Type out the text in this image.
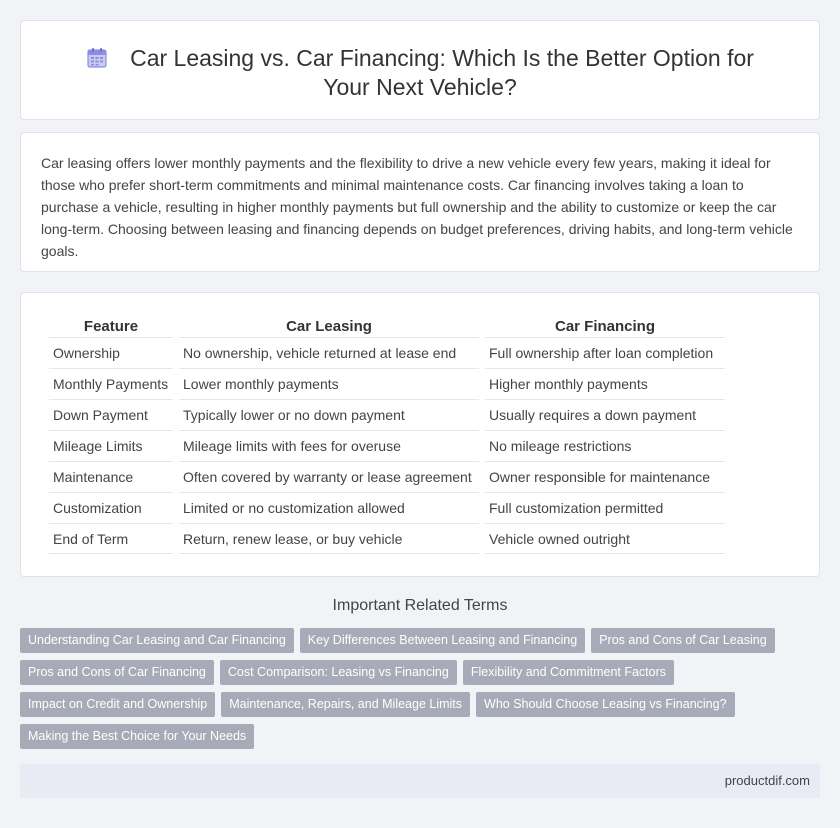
Car Leasing vs. Car Financing: Which Is the Better Option for Your Next Vehicle?

Car leasing offers lower monthly payments and the flexibility to drive a new vehicle every few years, making it ideal for those who prefer short-term commitments and minimal maintenance costs. Car financing involves taking a loan to purchase a vehicle, resulting in higher monthly payments but full ownership and the ability to customize or keep the car long-term. Choosing between leasing and financing depends on budget preferences, driving habits, and long-term vehicle goals.

Feature	Car Leasing	Car Financing
Ownership	No ownership, vehicle returned at lease end	Full ownership after loan completion
Monthly Payments	Lower monthly payments	Higher monthly payments
Down Payment	Typically lower or no down payment	Usually requires a down payment
Mileage Limits	Mileage limits with fees for overuse	No mileage restrictions
Maintenance	Often covered by warranty or lease agreement	Owner responsible for maintenance
Customization	Limited or no customization allowed	Full customization permitted
End of Term	Return, renew lease, or buy vehicle	Vehicle owned outright
Important Related Terms
Understanding Car Leasing and Car Financing	Key Differences Between Leasing and Financing	Pros and Cons of Car Leasing
Pros and Cons of Car Financing	Cost Comparison: Leasing vs Financing	Flexibility and Commitment Factors
Impact on Credit and Ownership	Maintenance, Repairs, and Mileage Limits	Who Should Choose Leasing vs Financing?
Making the Best Choice for Your Needs
productdif.com
